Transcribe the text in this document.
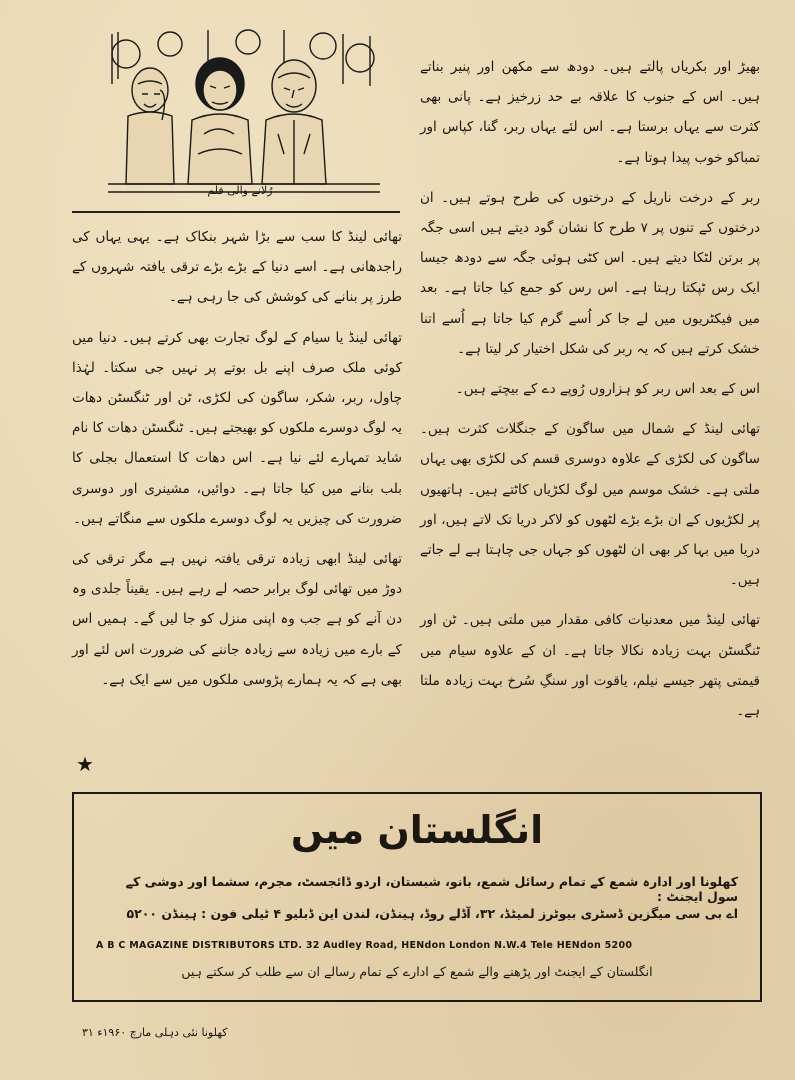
رُلانے والی فلم

بھیڑ اور بکریاں پالتے ہیں۔ دودھ سے مکھن اور پنیر بناتے ہیں۔ اس کے جنوب کا علاقہ بے حد زرخیز ہے۔ پانی بھی کثرت سے یہاں برستا ہے۔ اس لئے یہاں ربر، گنا، کپاس اور تمباکو خوب پیدا ہوتا ہے۔

ربر کے درخت ناریل کے درختوں کی طرح ہوتے ہیں۔ ان درختوں کے تنوں پر ۷ طرح کا نشان گود دیتے ہیں اسی جگہ پر برتن لٹکا دیتے ہیں۔ اس کٹی ہوئی جگہ سے دودھ جیسا ایک رس ٹپکتا رہتا ہے۔ اس رس کو جمع کیا جاتا ہے۔ بعد میں فیکٹریوں میں لے جا کر اُسے گرم کیا جاتا ہے اُسے اتنا خشک کرتے ہیں کہ یہ ربر کی شکل اختیار کر لیتا ہے۔

اس کے بعد اس ربر کو ہزاروں رُوپے دے کے بیچتے ہیں۔

تھائی لینڈ کے شمال میں ساگون کے جنگلات کثرت ہیں۔ ساگون کی لکڑی کے علاوہ دوسری قسم کی لکڑی بھی یہاں ملتی ہے۔ خشک موسم میں لوگ لکڑیاں کاٹتے ہیں۔ ہاتھیوں پر لکڑیوں کے ان بڑے بڑے لٹھوں کو لاکر دریا تک لاتے ہیں، اور دریا میں بہا کر بھی ان لٹھوں کو جہاں جی چاہتا ہے لے جاتے ہیں۔

تھائی لینڈ میں معدنیات کافی مقدار میں ملتی ہیں۔ ٹن اور ٹنگسٹن بہت زیادہ نکالا جاتا ہے۔ ان کے علاوہ سیام میں قیمتی پتھر جیسے نیلم، یاقوت اور سنگِ سُرخ بہت زیادہ ملتا ہے۔

تھائی لینڈ کا سب سے بڑا شہر بنکاک ہے۔ یہی یہاں کی راجدھانی ہے۔ اسے دنیا کے بڑے بڑے ترقی یافتہ شہروں کے طرز پر بنانے کی کوشش کی جا رہی ہے۔

تھائی لینڈ یا سیام کے لوگ تجارت بھی کرتے ہیں۔ دنیا میں کوئی ملک صرف اپنے بل بوتے پر نہیں جی سکتا۔ لہٰذا چاول، ربر، شکر، ساگون کی لکڑی، ٹن اور ٹنگسٹن دھات یہ لوگ دوسرے ملکوں کو بھیجتے ہیں۔ ٹنگسٹن دھات کا نام شاید تمہارے لئے نیا ہے۔ اس دھات کا استعمال بجلی کا بلب بنانے میں کیا جاتا ہے۔ دوائیں، مشینری اور دوسری ضرورت کی چیزیں یہ لوگ دوسرے ملکوں سے منگاتے ہیں۔

تھائی لینڈ ابھی زیادہ ترقی یافتہ نہیں ہے مگر ترقی کی دوڑ میں تھائی لوگ برابر حصہ لے رہے ہیں۔ یقیناً جلدی وہ دن آنے کو ہے جب وہ اپنی منزل کو جا لیں گے۔ ہمیں اس کے بارے میں زیادہ سے زیادہ جاننے کی ضرورت اس لئے اور بھی ہے کہ یہ ہمارے پڑوسی ملکوں میں سے ایک ہے۔

★
انگلستان میں
کھلونا اور ادارہ شمع کے تمام رسائل شمع، بانو، شبستان، اردو ڈائجسٹ، مجرم، سشما اور دوشی کے سول ایجنٹ :
اے بی سی میگزین ڈسٹری بیوٹرز لمیٹڈ، ۳۲، آڈلے روڈ، ہینڈن، لندن این ڈبلیو ۴ ٹیلی فون : ہینڈن ۵۲۰۰
A B C MAGAZINE DISTRIBUTORS LTD. 32 Audley Road, HENdon London N.W.4 Tele HENdon 5200
انگلستان کے ایجنٹ اور پڑھنے والے شمع کے ادارے کے تمام رسالے ان سے طلب کر سکتے ہیں
کھلونا نئی دہلی مارچ ۱۹۶۰ء ۳۱
